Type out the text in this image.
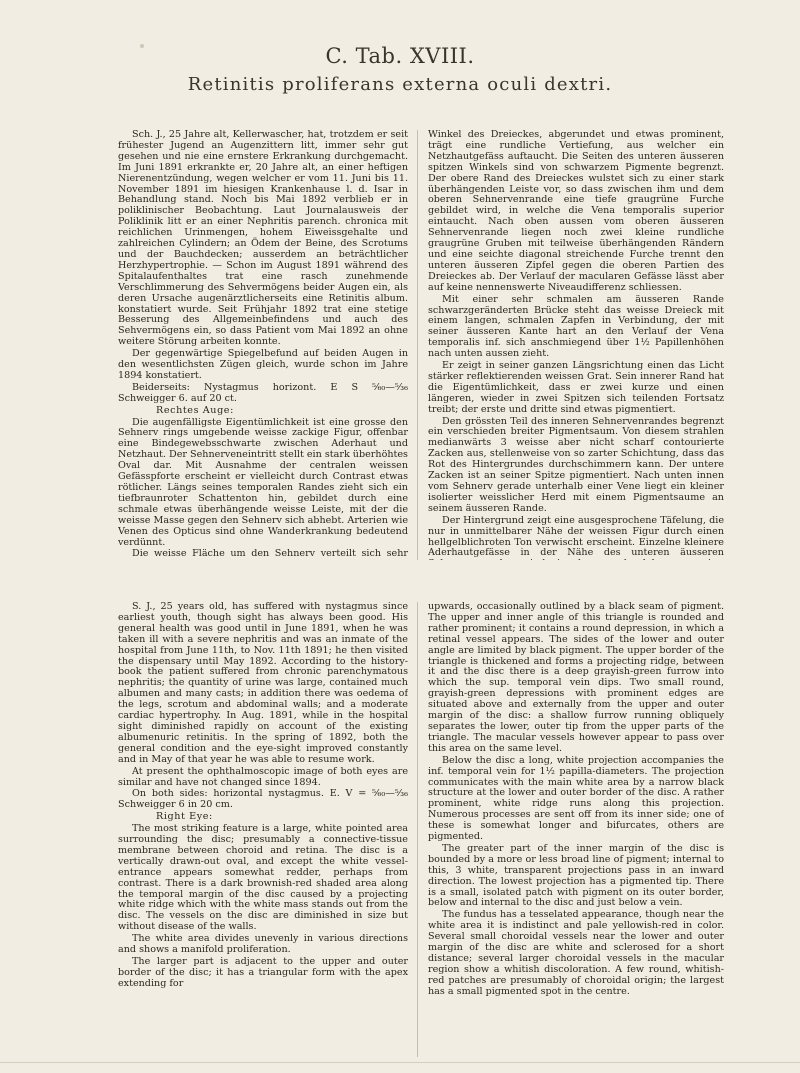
C. Tab. XVIII.
Retinitis proliferans externa oculi dextri.

Sch. J., 25 Jahre alt, Kellerwascher, hat, trotzdem er seit frühester Jugend an Augenzittern litt, immer sehr gut gesehen und nie eine ernstere Erkrankung durchgemacht. Im Juni 1891 erkrankte er, 20 Jahre alt, an einer heftigen Nierenentzündung, wegen welcher er vom 11. Juni bis 11. November 1891 im hiesigen Krankenhause l. d. Isar in Behandlung stand. Noch bis Mai 1892 verblieb er in poliklinischer Beobachtung. Laut Journalausweis der Poliklinik litt er an einer Nephritis parench. chronica mit reichlichen Urinmengen, hohem Eiweissgehalte und zahlreichen Cylindern; an Ödem der Beine, des Scrotums und der Bauchdecken; ausserdem an beträchtlicher Herzhypertrophie. — Schon im August 1891 während des Spitalaufenthaltes trat eine rasch zunehmende Verschlimmerung des Sehvermögens beider Augen ein, als deren Ursache augenärztlicherseits eine Retinitis album. konstatiert wurde. Seit Frühjahr 1892 trat eine stetige Besserung des Allgemeinbefindens und auch des Sehvermögens ein, so dass Patient vom Mai 1892 an ohne weitere Störung arbeiten konnte.

Der gegenwärtige Spiegelbefund auf beiden Augen in den wesentlichsten Zügen gleich, wurde schon im Jahre 1894 konstatiert.

Beiderseits: Nystagmus horizont. E S ⁵⁄₆₀—⁵⁄₃₆ Schweigger 6. auf 20 ct.

Rechtes Auge:

Die augenfälligste Eigentümlichkeit ist eine grosse den Sehnerv rings umgebende weisse zackige Figur, offenbar eine Bindegewebsschwarte zwischen Aderhaut und Netzhaut. Der Sehnerveneintritt stellt ein stark überhöhtes Oval dar. Mit Ausnahme der centralen weissen Gefässpforte erscheint er vielleicht durch Contrast etwas rötlicher. Längs seines temporalen Randes zieht sich ein tiefbraunroter Schattenton hin, gebildet durch eine schmale etwas überhängende weisse Leiste, mit der die weisse Masse gegen den Sehnerv sich abhebt. Arterien wie Venen des Opticus sind ohne Wanderkrankung bedeutend verdünnt.

Die weisse Fläche um den Sehnerv verteilt sich sehr

Winkel des Dreieckes, abgerundet und etwas prominent, trägt eine rundliche Vertiefung, aus welcher ein Netzhautgefäss auftaucht. Die Seiten des unteren äusseren spitzen Winkels sind von schwarzem Pigmente begrenzt. Der obere Rand des Dreieckes wulstet sich zu einer stark überhängenden Leiste vor, so dass zwischen ihm und dem oberen Sehnervenrande eine tiefe graugrüne Furche gebildet wird, in welche die Vena temporalis superior eintaucht. Nach oben aussen vom oberen äusseren Sehnervenrande liegen noch zwei kleine rundliche graugrüne Gruben mit teilweise überhängenden Rändern und eine seichte diagonal streichende Furche trennt den unteren äusseren Zipfel gegen die oberen Partien des Dreieckes ab. Der Verlauf der macularen Gefässe lässt aber auf keine nennenswerte Niveaudifferenz schliessen.

Mit einer sehr schmalen am äusseren Rande schwarzgeränderten Brücke steht das weisse Dreieck mit einem langen, schmalen Zapfen in Verbindung, der mit seiner äusseren Kante hart an den Verlauf der Vena temporalis inf. sich anschmiegend über 1½ Papillenhöhen nach unten aussen zieht.

Er zeigt in seiner ganzen Längsrichtung einen das Licht stärker reflektierenden weissen Grat. Sein innerer Rand hat die Eigentümlichkeit, dass er zwei kurze und einen längeren, wieder in zwei Spitzen sich teilenden Fortsatz treibt; der erste und dritte sind etwas pigmentiert.

Den grössten Teil des inneren Sehnervenrandes begrenzt ein verschieden breiter Pigmentsaum. Von diesem strahlen medianwärts 3 weisse aber nicht scharf contourierte Zacken aus, stellenweise von so zarter Schichtung, dass das Rot des Hintergrundes durchschimmern kann. Der untere Zacken ist an seiner Spitze pigmentiert. Nach unten innen vom Sehnerv gerade unterhalb einer Vene liegt ein kleiner isolierter weisslicher Herd mit einem Pigmentsaume an seinem äusseren Rande.

Der Hintergrund zeigt eine ausgesprochene Täfelung, die nur in unmittelbarer Nähe der weissen Figur durch einen hellgelblichroten Ton verwischt erscheint. Einzelne kleinere Aderhautgefässe in der Nähe des unteren äusseren

S. J., 25 years old, has suffered with nystagmus since earliest youth, though sight has always been good. His general health was good until in June 1891, when he was taken ill with a severe nephritis and was an inmate of the hospital from June 11th, to Nov. 11th 1891; he then visited the dispensary until May 1892. According to the history-book the patient suffered from chronic parenchymatous nephritis; the quantity of urine was large, contained much albumen and many casts; in addition there was oedema of the legs, scrotum and abdominal walls; and a moderate cardiac hypertrophy. In Aug. 1891, while in the hospital sight diminished rapidly on account of the existing albumenuric retinitis. In the spring of 1892, both the general condition and the eye-sight improved constantly and in May of that year he was able to resume work.

At present the ophthalmoscopic image of both eyes are similar and have not changed since 1894.

On both sides: horizontal nystagmus. E. V = ⁵⁄₆₀—⁵⁄₃₆ Schweigger 6 in 20 cm.

Right Eye:

The most striking feature is a large, white pointed area surrounding the disc; presumably a connective-tissue membrane between choroid and retina. The disc is a vertically drawn-out oval, and except the white vessel-entrance appears somewhat redder, perhaps from contrast. There is a dark brownish-red shaded area along the temporal margin of the disc caused by a projecting white ridge which with the white mass stands out from the disc. The vessels on the disc are diminished in size but without disease of the walls.

The white area divides unevenly in various directions and shows a manifold proliferation.

The larger part is adjacent to the upper and outer border of the disc; it has a triangular form with the apex extending for

upwards, occasionally outlined by a black seam of pigment. The upper and inner angle of this triangle is rounded and rather prominent; it contains a round depression, in which a retinal vessel appears. The sides of the lower and outer angle are limited by black pigment. The upper border of the triangle is thickened and forms a projecting ridge, between it and the disc there is a deep grayish-green furrow into which the sup. temporal vein dips. Two small round, grayish-green depressions with prominent edges are situated above and externally from the upper and outer margin of the disc: a shallow furrow running obliquely separates the lower, outer tip from the upper parts of the triangle. The macular vessels however appear to pass over this area on the same level.

Below the disc a long, white projection accompanies the inf. temporal vein for 1½ papilla-diameters. The projection communicates with the main white area by a narrow black structure at the lower and outer border of the disc. A rather prominent, white ridge runs along this projection. Numerous processes are sent off from its inner side; one of these is somewhat longer and bifurcates, others are pigmented.

The greater part of the inner margin of the disc is bounded by a more or less broad line of pigment; internal to this, 3 white, transparent projections pass in an inward direction. The lowest projection has a pigmented tip. There is a small, isolated patch with pigment on its outer border, below and internal to the disc and just below a vein.

The fundus has a tesselated appearance, though near the white area it is indistinct and pale yellowish-red in color. Several small choroidal vessels near the lower and outer margin of the disc are white and sclerosed for a short distance; several larger choroidal vessels in the macular region show a whitish discoloration. A few round, whitish-red patches are presumably of choroidal origin; the largest has a small pigmented spot in the centre.
